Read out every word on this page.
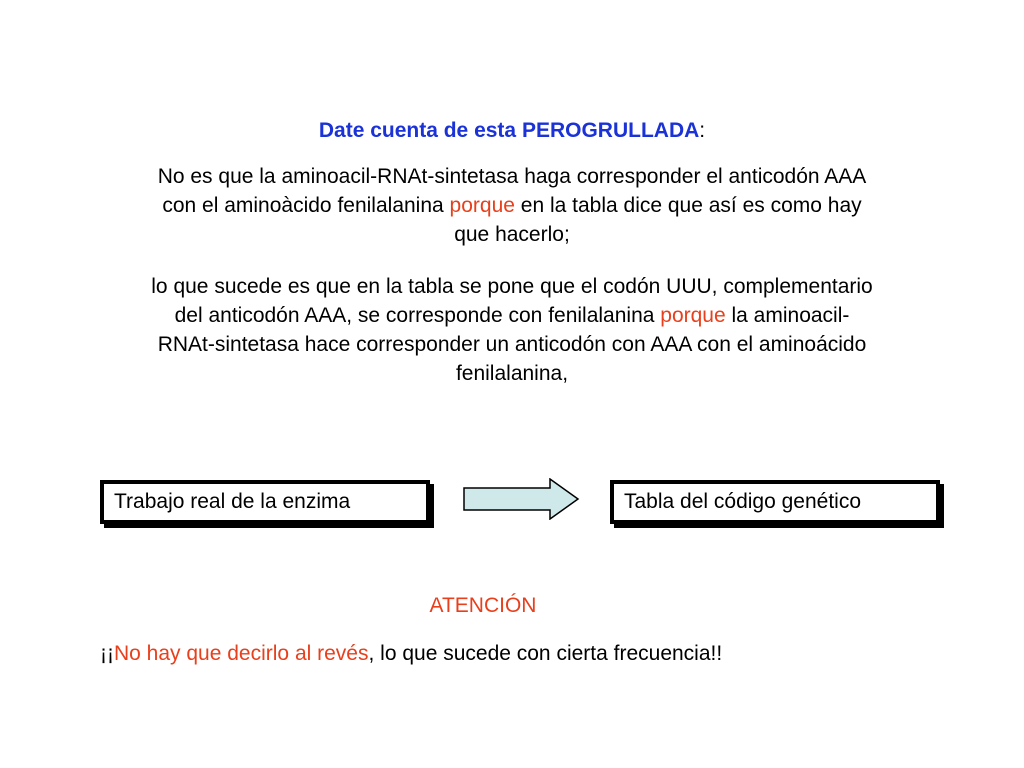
Date cuenta de esta PEROGRULLADA:
No es que la aminoacil-RNAt-sintetasa haga corresponder el anticodón AAA con el aminoàcido fenilalanina porque en la tabla dice que así es como hay que hacerlo;
lo que sucede es que en la tabla se pone que el codón UUU, complementario del anticodón AAA, se corresponde con fenilalanina porque la aminoacil-RNAt-sintetasa hace corresponder un anticodón con AAA con el aminoácido fenilalanina,
Trabajo real de la enzima	Tabla del código genético
ATENCIÓN
¡¡No hay que decirlo al revés, lo que sucede con cierta frecuencia!!
